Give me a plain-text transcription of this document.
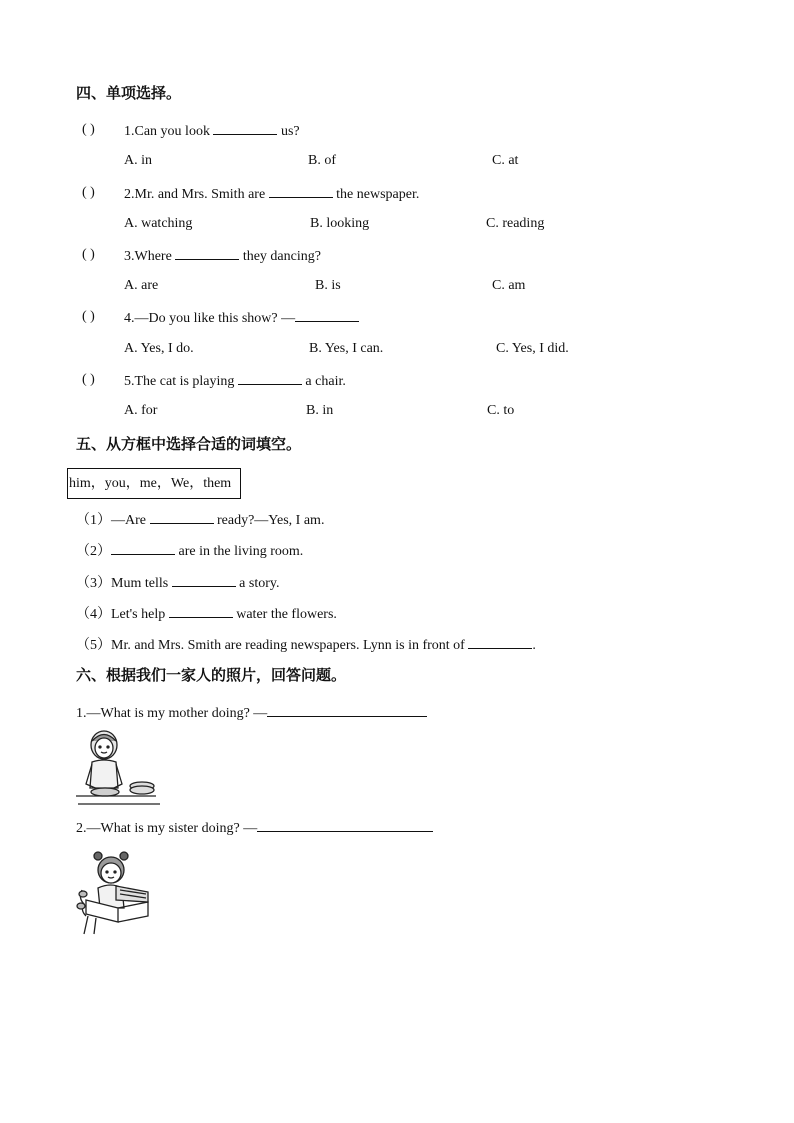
四、单项选择。
( ) 1.Can you look	us?
A. in	B. of	C. at
( ) 2.Mr. and Mrs. Smith are	the newspaper.
A. watching	B. looking	C. reading
( ) 3.Where	they dancing?
A. are	B. is	C. am
( ) 4.—Do you like this show? —
A. Yes, I do.	B. Yes, I can.	C. Yes, I did.
( ) 5.The cat is playing	a chair.
A. for	B. in	C. to
五、从方框中选择合适的词填空。
him，you，me，We，them
（1）—Are	ready?—Yes, I am.
（2）	are in the living room.
（3）Mum tells	a story.
（4）Let's help	water the flowers.
（5）Mr. and Mrs. Smith are reading newspapers. Lynn is in front of	.
六、根据我们一家人的照片，回答问题。
1.—What is my mother doing? —
2.—What is my sister doing? —
